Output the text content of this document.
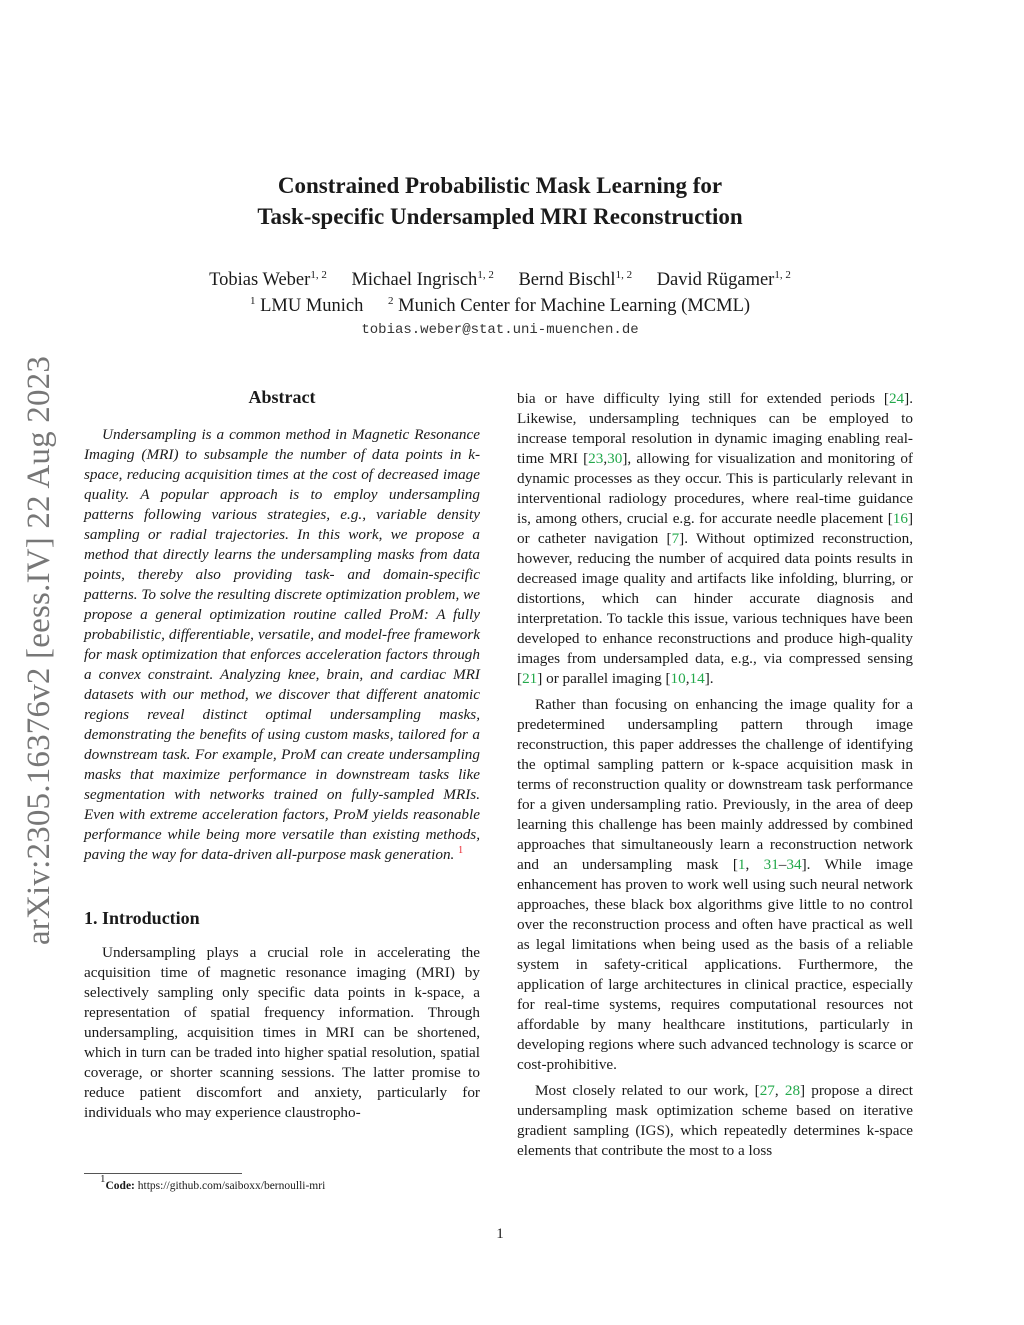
arXiv:2305.16376v2 [eess.IV] 22 Aug 2023
Constrained Probabilistic Mask Learning for
Task-specific Undersampled MRI Reconstruction
Tobias Weber$^{1, 2}$ Michael Ingrisch$^{1, 2}$ Bernd Bischl$^{1, 2}$ David Rügamer$^{1, 2}$
$^1$ LMU Munich $^2$ Munich Center for Machine Learning (MCML)
tobias.weber@stat.uni-muenchen.de
Abstract

Undersampling is a common method in Magnetic Resonance Imaging (MRI) to subsample the number of data points in k-space, reducing acquisition times at the cost of decreased image quality. A popular approach is to employ undersampling patterns following various strategies, e.g., variable density sampling or radial trajectories. In this work, we propose a method that directly learns the undersampling masks from data points, thereby also providing task- and domain-specific patterns. To solve the resulting discrete optimization problem, we propose a general optimization routine called ProM: A fully probabilistic, differentiable, versatile, and model-free framework for mask optimization that enforces acceleration factors through a convex constraint. Analyzing knee, brain, and cardiac MRI datasets with our method, we discover that different anatomic regions reveal distinct optimal undersampling masks, demonstrating the benefits of using custom masks, tailored for a downstream task. For example, ProM can create undersampling masks that maximize performance in downstream tasks like segmentation with networks trained on fully-sampled MRIs. Even with extreme acceleration factors, ProM yields reasonable performance while being more versatile than existing methods, paving the way for data-driven all-purpose mask generation. $^1$

1. Introduction

Undersampling plays a crucial role in accelerating the acquisition time of magnetic resonance imaging (MRI) by selectively sampling only specific data points in k-space, a representation of spatial frequency information. Through undersampling, acquisition times in MRI can be shortened, which in turn can be traded into higher spatial resolution, spatial coverage, or shorter scanning sessions. The latter promise to reduce patient discomfort and anxiety, particularly for individuals who may experience claustropho-

bia or have difficulty lying still for extended periods [24]. Likewise, undersampling techniques can be employed to increase temporal resolution in dynamic imaging enabling real-time MRI [23,30], allowing for visualization and monitoring of dynamic processes as they occur. This is particularly relevant in interventional radiology procedures, where real-time guidance is, among others, crucial e.g. for accurate needle placement [16] or catheter navigation [7]. Without optimized reconstruction, however, reducing the number of acquired data points results in decreased image quality and artifacts like infolding, blurring, or distortions, which can hinder accurate diagnosis and interpretation. To tackle this issue, various techniques have been developed to enhance reconstructions and produce high-quality images from undersampled data, e.g., via compressed sensing [21] or parallel imaging [10,14].

Rather than focusing on enhancing the image quality for a predetermined undersampling pattern through image reconstruction, this paper addresses the challenge of identifying the optimal sampling pattern or k-space acquisition mask in terms of reconstruction quality or downstream task performance for a given undersampling ratio. Previously, in the area of deep learning this challenge has been mainly addressed by combined approaches that simultaneously learn a reconstruction network and an undersampling mask [1, 31–34]. While image enhancement has proven to work well using such neural network approaches, these black box algorithms give little to no control over the reconstruction process and often have practical as well as legal limitations when being used as the basis of a reliable system in safety-critical applications. Furthermore, the application of large architectures in clinical practice, especially for real-time systems, requires computational resources not affordable by many healthcare institutions, particularly in developing regions where such advanced technology is scarce or cost-prohibitive.

Most closely related to our work, [27, 28] propose a direct undersampling mask optimization scheme based on iterative gradient sampling (IGS), which repeatedly determines k-space elements that contribute the most to a loss

$^1$Code: https://github.com/saiboxx/bernoulli-mri
1
